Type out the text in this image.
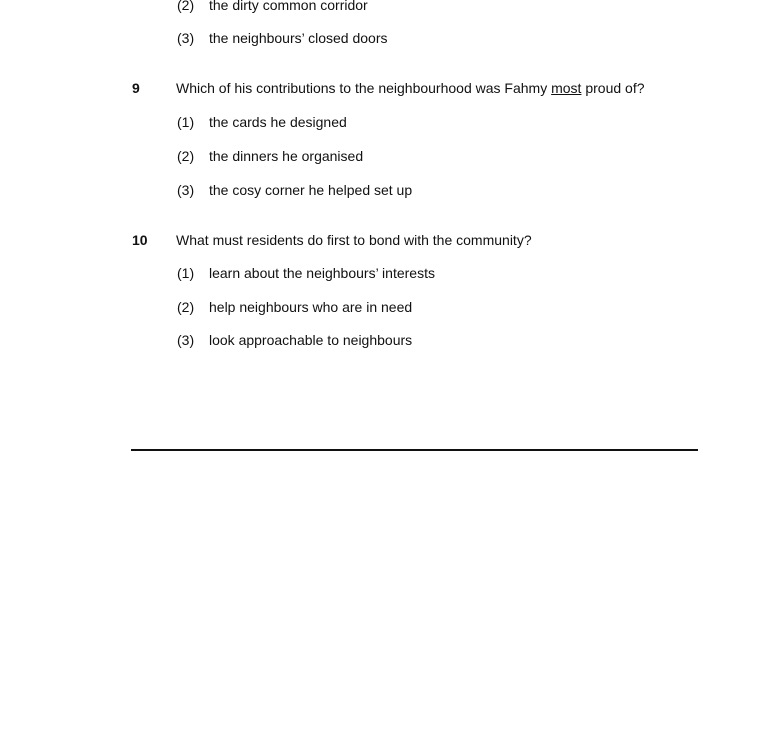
(2) the dirty common corridor
(3) the neighbours’ closed doors
9	Which of his contributions to the neighbourhood was Fahmy most proud of?
(1) the cards he designed
(2) the dinners he organised
(3) the cosy corner he helped set up
10 What must residents do first to bond with the community?
(1) learn about the neighbours’ interests
(2) help neighbours who are in need
(3) look approachable to neighbours
